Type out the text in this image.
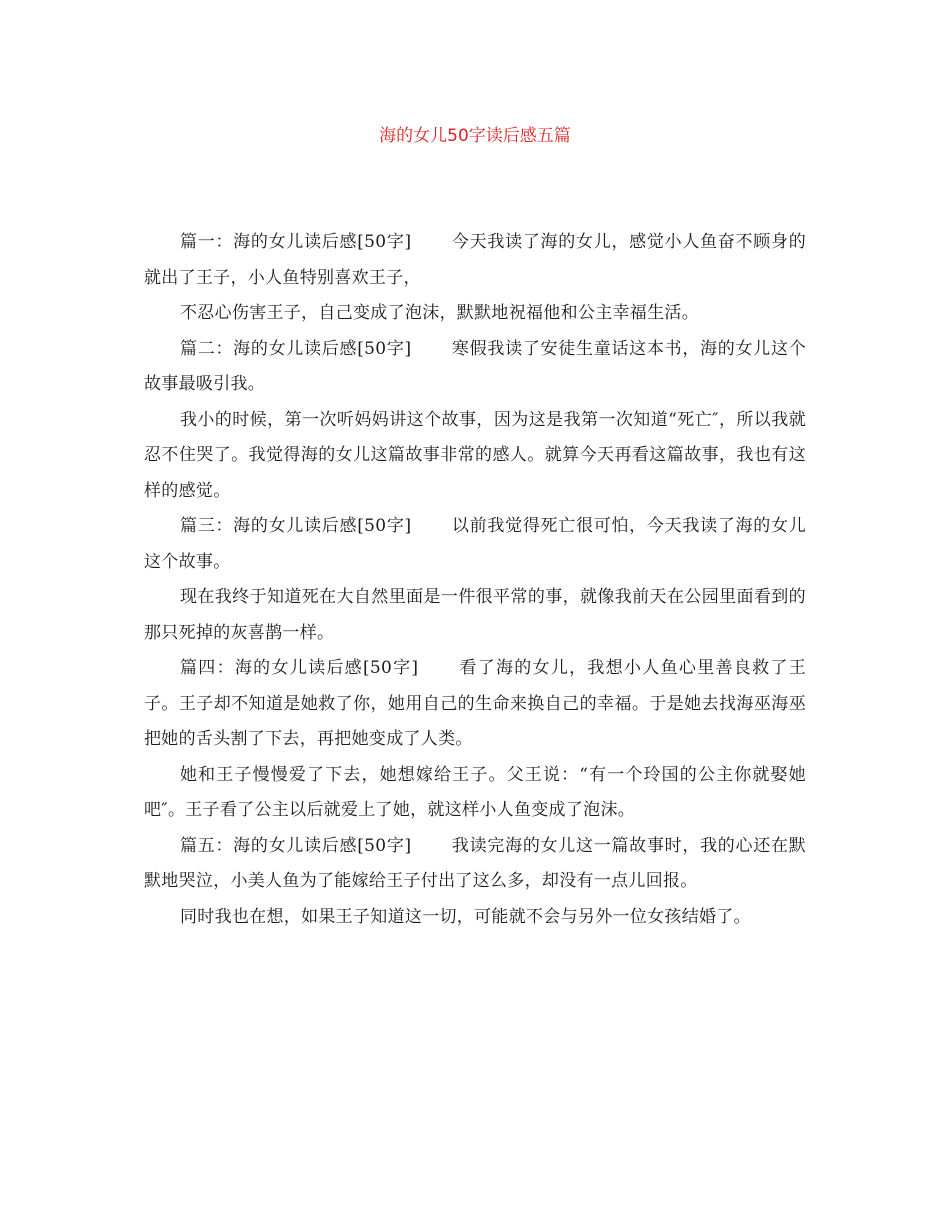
海的女儿50字读后感五篇

篇一：海的女儿读后感[50字] 今天我读了海的女儿，感觉小人鱼奋不顾身的就出了王子，小人鱼特别喜欢王子，

不忍心伤害王子，自己变成了泡沫，默默地祝福他和公主幸福生活。

篇二：海的女儿读后感[50字] 寒假我读了安徒生童话这本书，海的女儿这个故事最吸引我。

我小的时候，第一次听妈妈讲这个故事，因为这是我第一次知道“死亡″，所以我就忍不住哭了。我觉得海的女儿这篇故事非常的感人。就算今天再看这篇故事，我也有这样的感觉。

篇三：海的女儿读后感[50字] 以前我觉得死亡很可怕，今天我读了海的女儿这个故事。

现在我终于知道死在大自然里面是一件很平常的事，就像我前天在公园里面看到的那只死掉的灰喜鹊一样。

篇四：海的女儿读后感[50字] 看了海的女儿，我想小人鱼心里善良救了王子。王子却不知道是她救了你，她用自己的生命来换自己的幸福。于是她去找海巫海巫把她的舌头割了下去，再把她变成了人类。

她和王子慢慢爱了下去，她想嫁给王子。父王说：“有一个玲国的公主你就娶她吧″。王子看了公主以后就爱上了她，就这样小人鱼变成了泡沫。

篇五：海的女儿读后感[50字] 我读完海的女儿这一篇故事时，我的心还在默默地哭泣，小美人鱼为了能嫁给王子付出了这么多，却没有一点儿回报。

同时我也在想，如果王子知道这一切，可能就不会与另外一位女孩结婚了。
